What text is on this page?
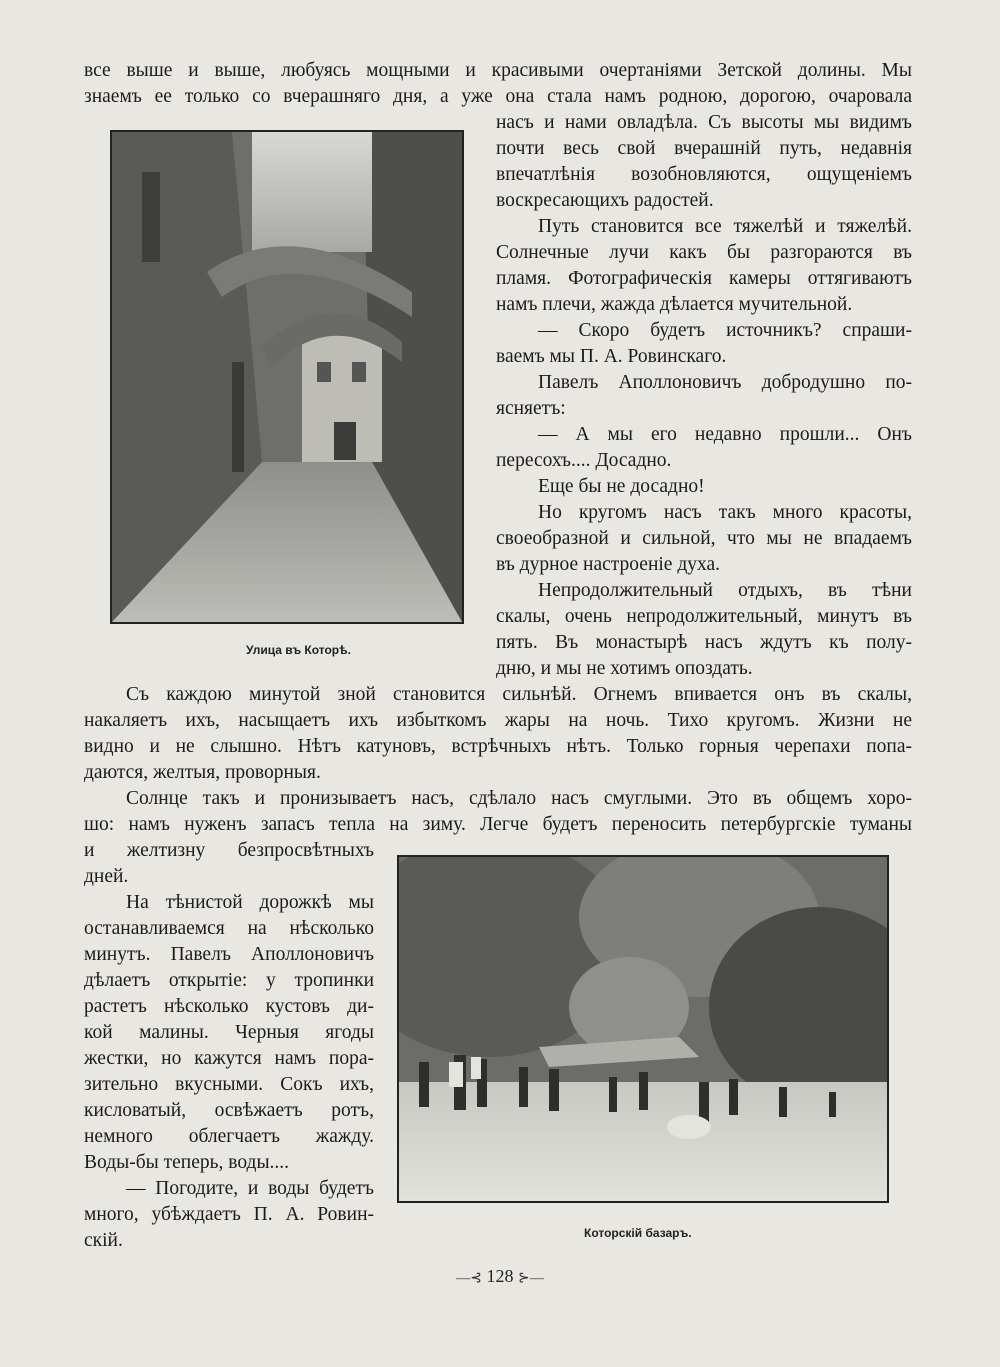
все выше и выше, любуясь мощными и красивыми очертаніями Зетской долины. Мы
знаемъ ее только со вчерашняго дня, а уже она стала намъ родною, дорогою, очаровала
Улица въ Которѣ.
насъ и нами овладѣла. Съ высоты мы видимъ
почти весь свой вчерашній путь, недавнія
впечатлѣнія возобновляются, ощущеніемъ
воскресающихъ радостей.
Путь становится все тяжелѣй и тяжелѣй.
Солнечные лучи какъ бы разгораются въ
пламя. Фотографическія камеры оттягиваютъ
намъ плечи, жажда дѣлается мучительной.
— Скоро будетъ источникъ? спраши-
ваемъ мы П. А. Ровинскаго.
Павелъ Аполлоновичъ добродушно по-
ясняетъ:
— А мы его недавно прошли... Онъ
пересохъ.... Досадно.
Еще бы не досадно!
Но кругомъ насъ такъ много красоты,
своеобразной и сильной, что мы не впадаемъ
въ дурное настроеніе духа.
Непродолжительный отдыхъ, въ тѣни
скалы, очень непродолжительный, минутъ въ
пять. Въ монастырѣ насъ ждутъ къ полу-
дню, и мы не хотимъ опоздать.
Съ каждою минутой зной становится сильнѣй. Огнемъ впивается онъ въ скалы,
накаляетъ ихъ, насыщаетъ ихъ избыткомъ жары на ночь. Тихо кругомъ. Жизни не
видно и не слышно. Нѣтъ катуновъ, встрѣчныхъ нѣтъ. Только горныя черепахи попа-
даются, желтыя, проворныя.
Солнце такъ и пронизываетъ насъ, сдѣлало насъ смуглыми. Это въ общемъ хоро-
шо: намъ нуженъ запасъ тепла на зиму. Легче будетъ переносить петербургскіе туманы
и желтизну безпросвѣтныхъ
дней.
На тѣнистой дорожкѣ мы
останавливаемся на нѣсколько
минутъ. Павелъ Аполлоновичъ
дѣлаетъ открытіе: у тропинки
растетъ нѣсколько кустовъ ди-
кой малины. Черныя ягоды
жестки, но кажутся намъ пора-
зительно вкусными. Сокъ ихъ,
кисловатый, освѣжаетъ ротъ,
немного облегчаетъ жажду.
Воды-бы теперь, воды....
— Погодите, и воды будетъ
много, убѣждаетъ П. А. Ровин-
скій.	Которскій базаръ.
—⊰ 128 ⊱—
